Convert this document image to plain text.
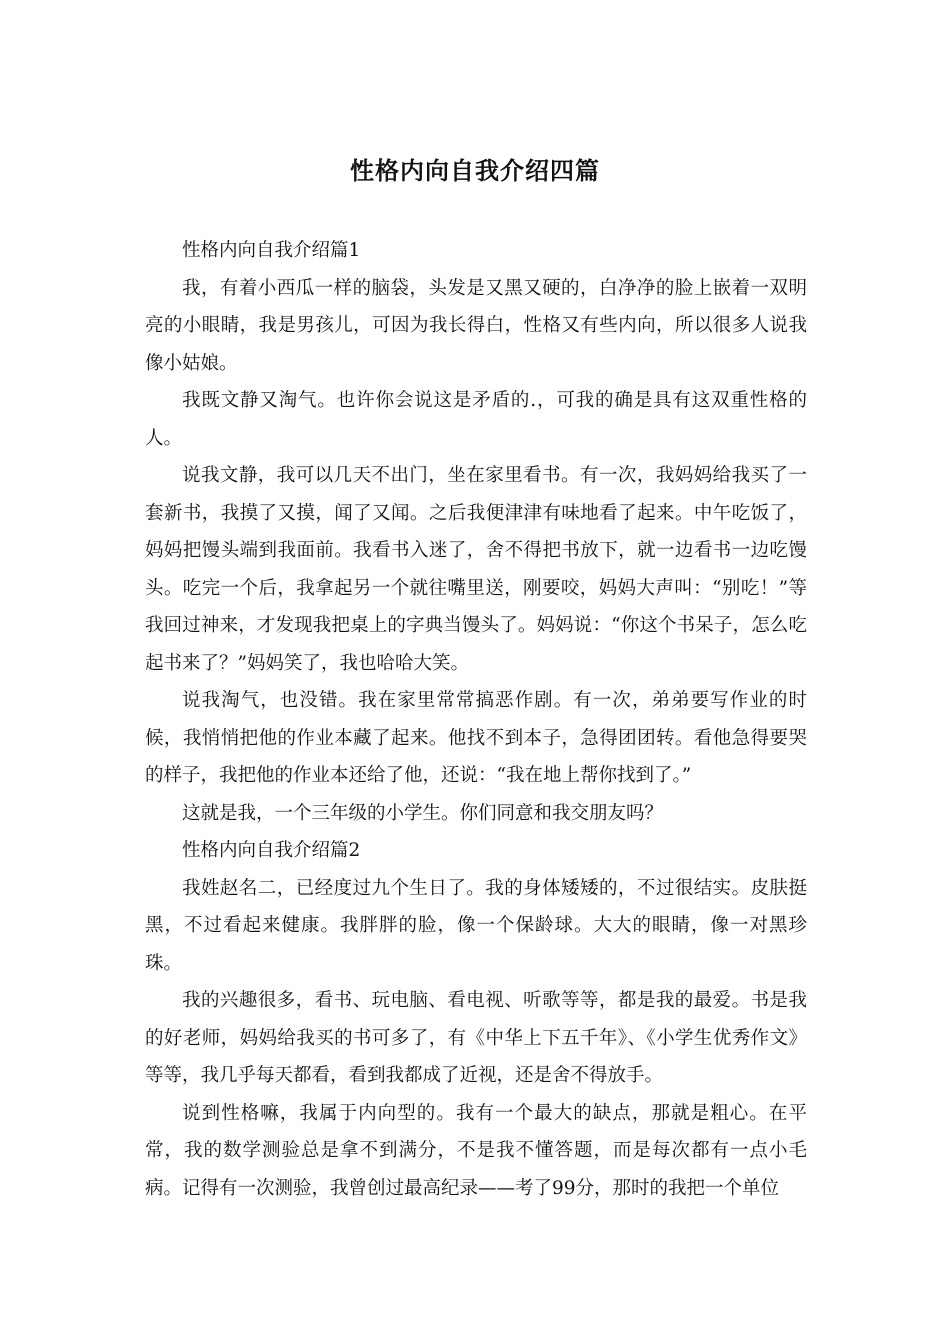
性格内向自我介绍四篇

性格内向自我介绍篇1

我，有着小西瓜一样的脑袋，头发是又黑又硬的，白净净的脸上嵌着一双明亮的小眼睛，我是男孩儿，可因为我长得白，性格又有些内向，所以很多人说我像小姑娘。

我既文静又淘气。也许你会说这是矛盾的.，可我的确是具有这双重性格的人。

说我文静，我可以几天不出门，坐在家里看书。有一次，我妈妈给我买了一套新书，我摸了又摸，闻了又闻。之后我便津津有味地看了起来。中午吃饭了，妈妈把馒头端到我面前。我看书入迷了，舍不得把书放下，就一边看书一边吃馒头。吃完一个后，我拿起另一个就往嘴里送，刚要咬，妈妈大声叫：“别吃！”等我回过神来，才发现我把桌上的字典当馒头了。妈妈说：“你这个书呆子，怎么吃起书来了？”妈妈笑了，我也哈哈大笑。

说我淘气，也没错。我在家里常常搞恶作剧。有一次，弟弟要写作业的时候，我悄悄把他的作业本藏了起来。他找不到本子，急得团团转。看他急得要哭的样子，我把他的作业本还给了他，还说：“我在地上帮你找到了。”

这就是我，一个三年级的小学生。你们同意和我交朋友吗？

性格内向自我介绍篇2

我姓赵名二，已经度过九个生日了。我的身体矮矮的，不过很结实。皮肤挺黑，不过看起来健康。我胖胖的脸，像一个保龄球。大大的眼睛，像一对黑珍珠。

我的兴趣很多，看书、玩电脑、看电视、听歌等等，都是我的最爱。书是我的好老师，妈妈给我买的书可多了，有《中华上下五千年》、《小学生优秀作文》等等，我几乎每天都看，看到我都成了近视，还是舍不得放手。

说到性格嘛，我属于内向型的。我有一个最大的缺点，那就是粗心。在平常，我的数学测验总是拿不到满分，不是我不懂答题，而是每次都有一点小毛病。记得有一次测验，我曾创过最高纪录——考了99分，那时的我把一个单位
